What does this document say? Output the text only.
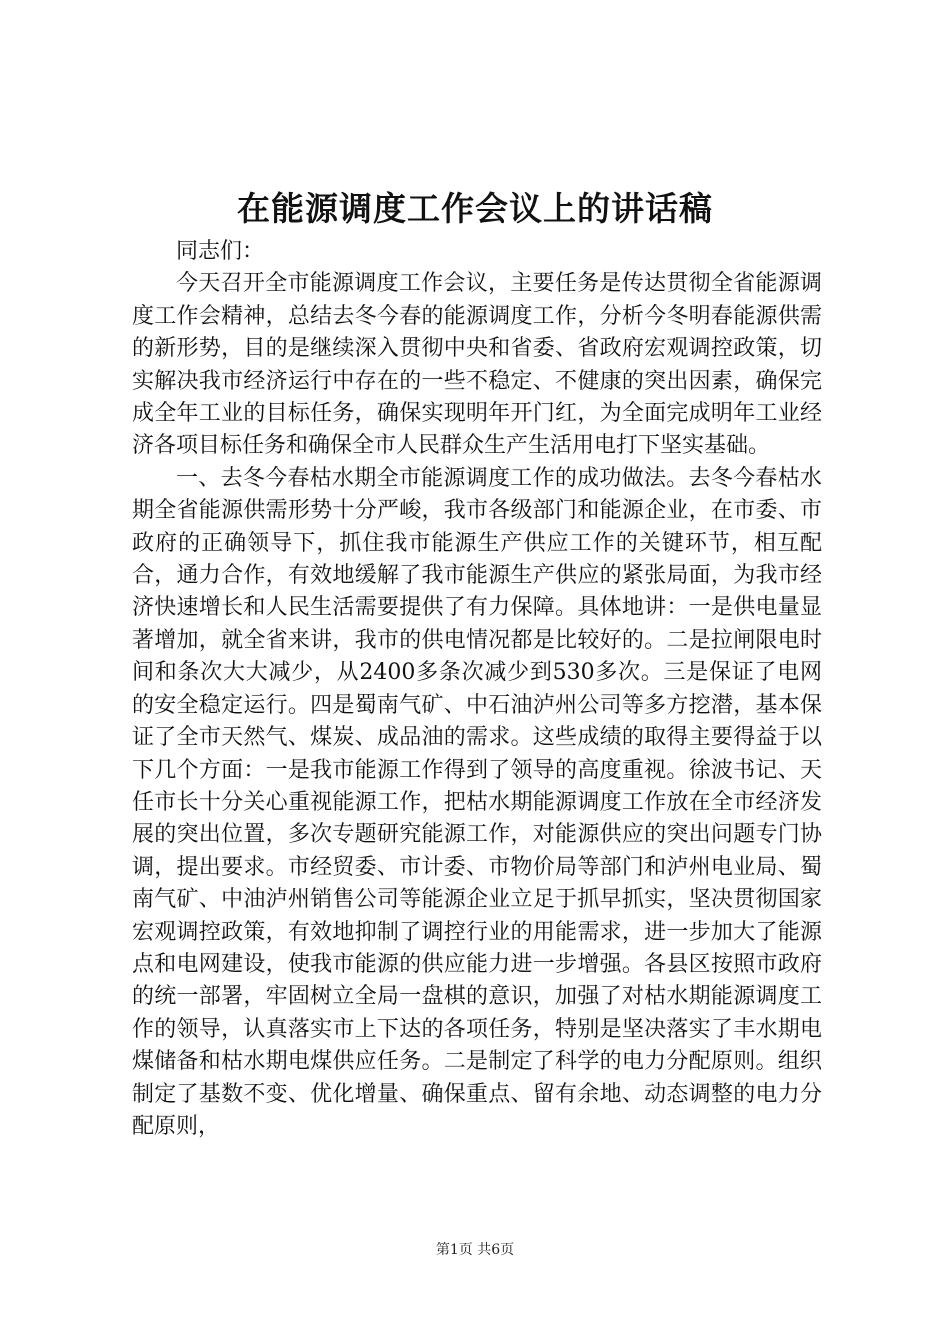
在能源调度工作会议上的讲话稿

同志们：

今天召开全市能源调度工作会议，主要任务是传达贯彻全省能源调度工作会精神，总结去冬今春的能源调度工作，分析今冬明春能源供需的新形势，目的是继续深入贯彻中央和省委、省政府宏观调控政策，切实解决我市经济运行中存在的一些不稳定、不健康的突出因素，确保完成全年工业的目标任务，确保实现明年开门红，为全面完成明年工业经济各项目标任务和确保全市人民群众生产生活用电打下坚实基础。

一、去冬今春枯水期全市能源调度工作的成功做法。去冬今春枯水期全省能源供需形势十分严峻，我市各级部门和能源企业，在市委、市政府的正确领导下，抓住我市能源生产供应工作的关键环节，相互配合，通力合作，有效地缓解了我市能源生产供应的紧张局面，为我市经济快速增长和人民生活需要提供了有力保障。具体地讲：一是供电量显著增加，就全省来讲，我市的供电情况都是比较好的。二是拉闸限电时间和条次大大减少，从2400多条次减少到530多次。三是保证了电网的安全稳定运行。四是蜀南气矿、中石油泸州公司等多方挖潜，基本保证了全市天然气、煤炭、成品油的需求。这些成绩的取得主要得益于以下几个方面：一是我市能源工作得到了领导的高度重视。徐波书记、天任市长十分关心重视能源工作，把枯水期能源调度工作放在全市经济发展的突出位置，多次专题研究能源工作，对能源供应的突出问题专门协调，提出要求。市经贸委、市计委、市物价局等部门和泸州电业局、蜀南气矿、中油泸州销售公司等能源企业立足于抓早抓实，坚决贯彻国家宏观调控政策，有效地抑制了调控行业的用能需求，进一步加大了能源点和电网建设，使我市能源的供应能力进一步增强。各县区按照市政府的统一部署，牢固树立全局一盘棋的意识，加强了对枯水期能源调度工作的领导，认真落实市上下达的各项任务，特别是坚决落实了丰水期电煤储备和枯水期电煤供应任务。二是制定了科学的电力分配原则。组织制定了基数不变、优化增量、确保重点、留有余地、动态调整的电力分配原则，

第1页 共6页
